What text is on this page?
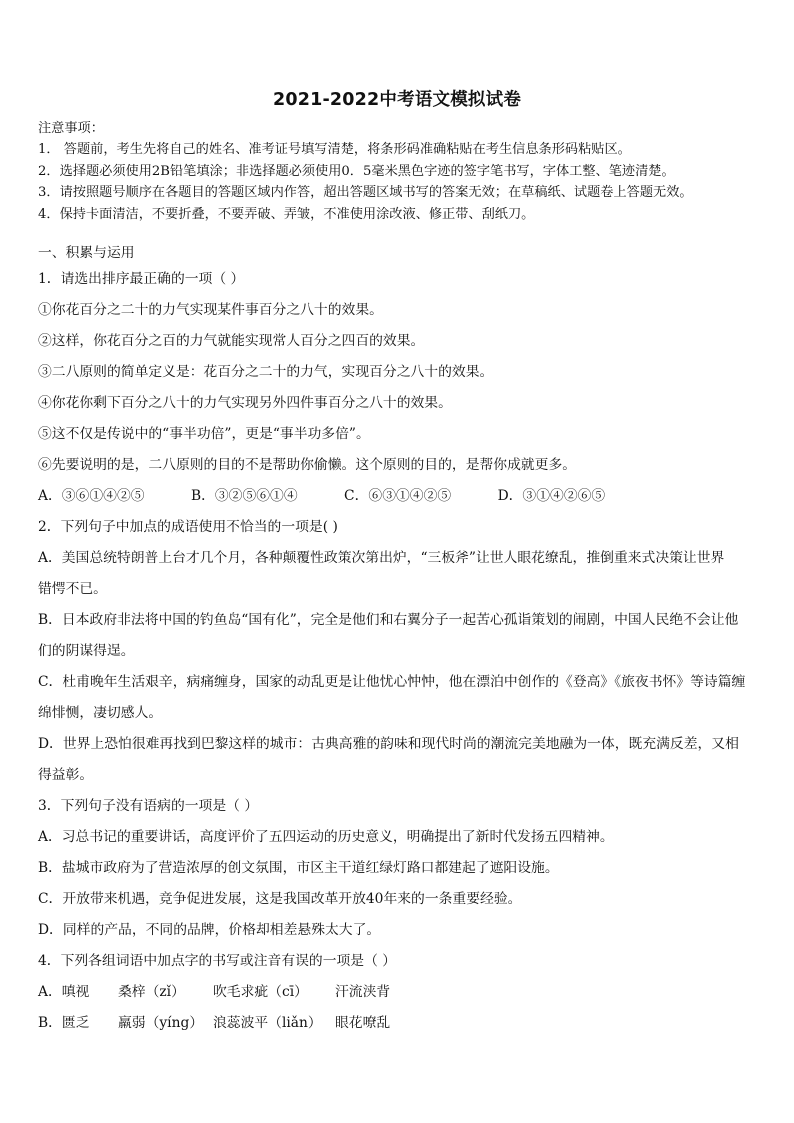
2021-2022中考语文模拟试卷
注意事项：
1． 答题前，考生先将自己的姓名、准考证号填写清楚，将条形码准确粘贴在考生信息条形码粘贴区。
2．选择题必须使用2B铅笔填涂；非选择题必须使用0．5毫米黑色字迹的签字笔书写，字体工整、笔迹清楚。
3．请按照题号顺序在各题目的答题区域内作答，超出答题区域书写的答案无效；在草稿纸、试题卷上答题无效。
4．保持卡面清洁，不要折叠，不要弄破、弄皱，不准使用涂改液、修正带、刮纸刀。
一、积累与运用
1．请选出排序最正确的一项（ ）
①你花百分之二十的力气实现某件事百分之八十的效果。
②这样，你花百分之百的力气就能实现常人百分之四百的效果。
③二八原则的简单定义是：花百分之二十的力气，实现百分之八十的效果。
④你花你剩下百分之八十的力气实现另外四件事百分之八十的效果。
⑤这不仅是传说中的“事半功倍”，更是“事半功多倍”。
⑥先要说明的是，二八原则的目的不是帮助你偷懒。这个原则的目的，是帮你成就更多。
A．③⑥①④②⑤	B．③②⑤⑥①④	C．⑥③①④②⑤	D．③①④②⑥⑤
2．下列句子中加点的成语使用不恰当的一项是( )
A．美国总统特朗普上台才几个月，各种颠覆性政策次第出炉，“三板斧”让世人眼花缭乱，推倒重来式决策让世界
错愕不已。
B．日本政府非法将中国的钓鱼岛“国有化”，完全是他们和右翼分子一起苦心孤诣策划的闹剧，中国人民绝不会让他
们的阴谋得逞。
C．杜甫晚年生活艰辛，病痛缠身，国家的动乱更是让他忧心忡忡，他在漂泊中创作的《登高》《旅夜书怀》等诗篇缠
绵悱恻，凄切感人。
D．世界上恐怕很难再找到巴黎这样的城市：古典高雅的韵味和现代时尚的潮流完美地融为一体，既充满反差，又相
得益彰。
3．下列句子没有语病的一项是（ ）
A．习总书记的重要讲话，高度评价了五四运动的历史意义，明确提出了新时代发扬五四精神。
B．盐城市政府为了营造浓厚的创文氛围，市区主干道红绿灯路口都建起了遮阳设施。
C．开放带来机遇，竞争促进发展，这是我国改革开放40年来的一条重要经验。
D．同样的产品，不同的品牌，价格却相差悬殊太大了。
4．下列各组词语中加点字的书写或注音有误的一项是（ ）
A．嗔视 桑梓（zǐ） 吹毛求疵（cī） 汗流浃背
B．匮乏 羸弱（yíng） 浪蕊波平（liǎn） 眼花嘹乱
